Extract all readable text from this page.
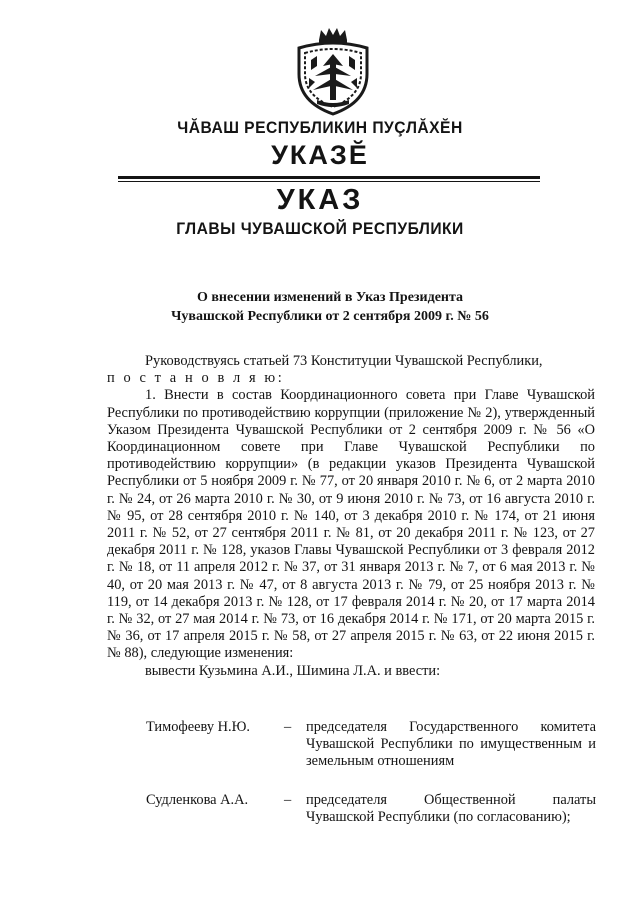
ЧĂВАШ РЕСПУБЛИКИН ПУÇЛĂХĔН
УКАЗĔ
УКАЗ
ГЛАВЫ ЧУВАШСКОЙ РЕСПУБЛИКИ
О внесении изменений в Указ Президента
Чувашской Республики от 2 сентября 2009 г. № 56

Руководствуясь статьей 73 Конституции Чувашской Республики,

п о с т а н о в л я ю:

1. Внести в состав Координационного совета при Главе Чувашской Республики по противодействию коррупции (приложение № 2), утвержденный Указом Президента Чувашской Республики от 2 сентября 2009 г. № 56 «О Координационном совете при Главе Чувашской Республики по противодействию коррупции» (в редакции указов Президента Чувашской Республики от 5 ноября 2009 г. № 77, от 20 января 2010 г. № 6, от 2 марта 2010 г. № 24, от 26 марта 2010 г. № 30, от 9 июня 2010 г. № 73, от 16 августа 2010 г. № 95, от 28 сентября 2010 г. № 140, от 3 декабря 2010 г. № 174, от 21 июня 2011 г. № 52, от 27 сентября 2011 г. № 81, от 20 декабря 2011 г. № 123, от 27 декабря 2011 г. № 128, указов Главы Чувашской Республики от 3 февраля 2012 г. № 18, от 11 апреля 2012 г. № 37, от 31 января 2013 г. № 7, от 6 мая 2013 г. № 40, от 20 мая 2013 г. № 47, от 8 августа 2013 г. № 79, от 25 ноября 2013 г. № 119, от 14 декабря 2013 г. № 128, от 17 февраля 2014 г. № 20, от 17 марта 2014 г. № 32, от 27 мая 2014 г. № 73, от 16 декабря 2014 г. № 171, от 20 марта 2015 г. № 36, от 17 апреля 2015 г. № 58, от 27 апреля 2015 г. № 63, от 22 июня 2015 г. № 88), следующие изменения:

вывести Кузьмина А.И., Шимина Л.А. и ввести:

Тимофееву Н.Ю.	– председателя Государственного комитета Чувашской Республики по имущественным и земельным отношениям
Судленкова А.А.	– председателя Общественной палаты Чувашской Республики (по согласованию);
